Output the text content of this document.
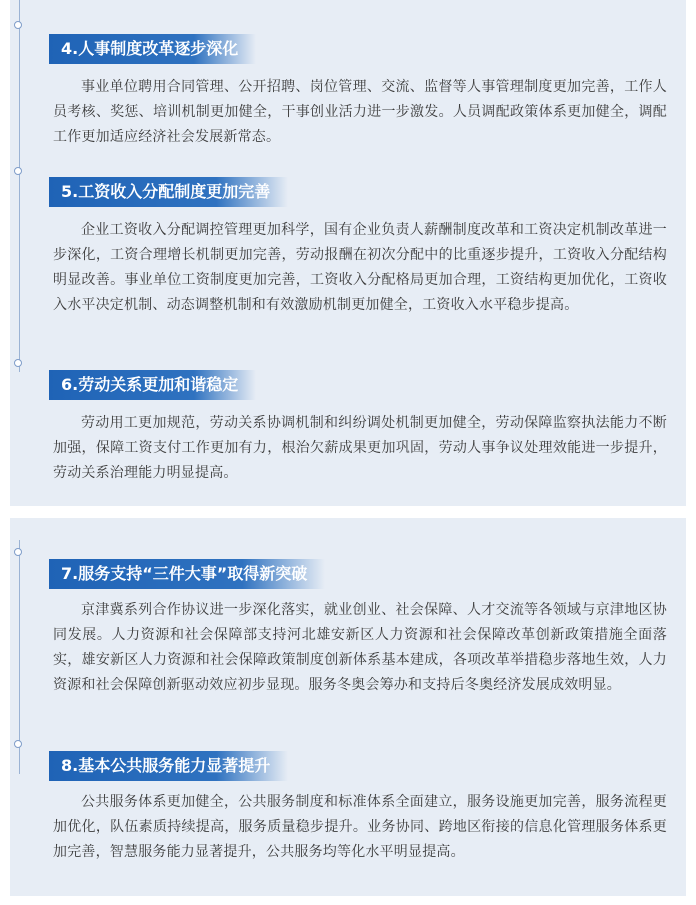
4.人事制度改革逐步深化
事业单位聘用合同管理、公开招聘、岗位管理、交流、监督等人事管理制度更加完善，工作人员考核、奖惩、培训机制更加健全，干事创业活力进一步激发。人员调配政策体系更加健全，调配工作更加适应经济社会发展新常态。
5.工资收入分配制度更加完善
企业工资收入分配调控管理更加科学，国有企业负责人薪酬制度改革和工资决定机制改革进一步深化，工资合理增长机制更加完善，劳动报酬在初次分配中的比重逐步提升，工资收入分配结构明显改善。事业单位工资制度更加完善，工资收入分配格局更加合理，工资结构更加优化，工资收入水平决定机制、动态调整机制和有效激励机制更加健全，工资收入水平稳步提高。
6.劳动关系更加和谐稳定
劳动用工更加规范，劳动关系协调机制和纠纷调处机制更加健全，劳动保障监察执法能力不断加强，保障工资支付工作更加有力，根治欠薪成果更加巩固，劳动人事争议处理效能进一步提升，劳动关系治理能力明显提高。
7.服务支持“三件大事”取得新突破
京津冀系列合作协议进一步深化落实，就业创业、社会保障、人才交流等各领域与京津地区协同发展。人力资源和社会保障部支持河北雄安新区人力资源和社会保障改革创新政策措施全面落实，雄安新区人力资源和社会保障政策制度创新体系基本建成，各项改革举措稳步落地生效，人力资源和社会保障创新驱动效应初步显现。服务冬奥会筹办和支持后冬奥经济发展成效明显。
8.基本公共服务能力显著提升
公共服务体系更加健全，公共服务制度和标准体系全面建立，服务设施更加完善，服务流程更加优化，队伍素质持续提高，服务质量稳步提升。业务协同、跨地区衔接的信息化管理服务体系更加完善，智慧服务能力显著提升，公共服务均等化水平明显提高。
